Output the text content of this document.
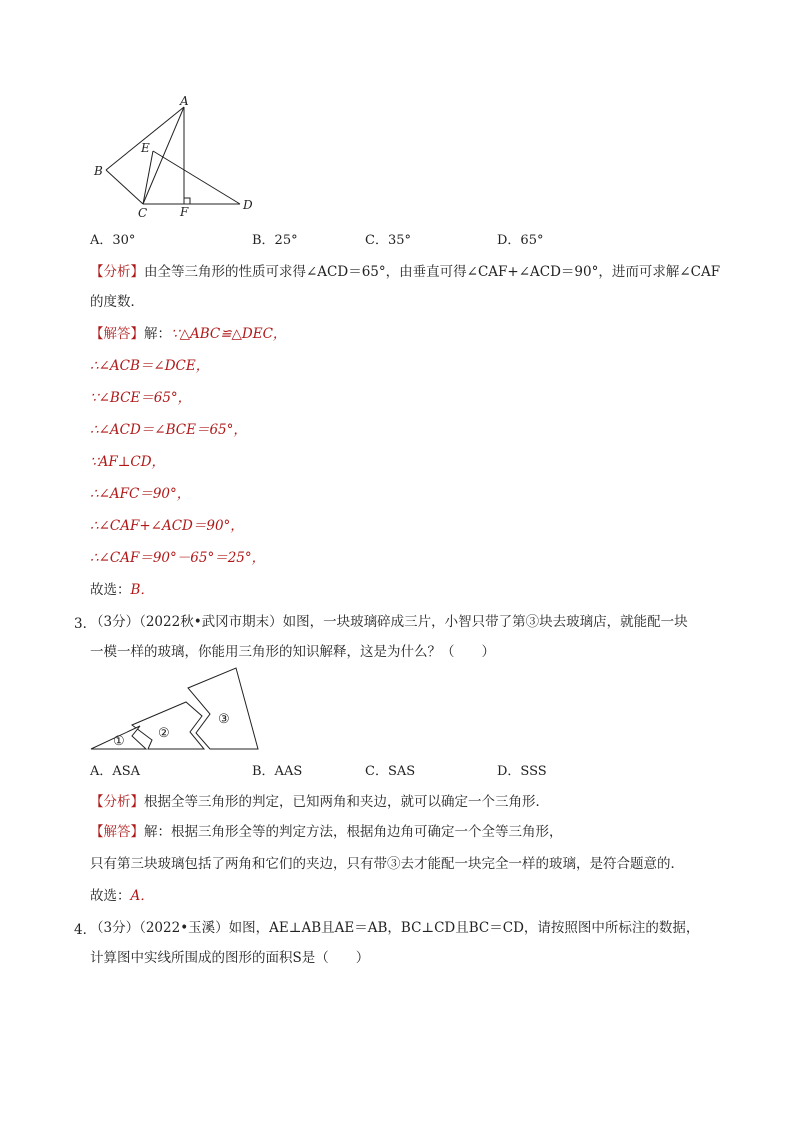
A
B
C
D
E
F
A．30°	B．25°	C．35°	D．65°
【分析】由全等三角形的性质可求得∠ACD＝65°，由垂直可得∠CAF+∠ACD＝90°，进而可求解∠CAF
的度数．
【解答】解：∵△ABC≌△DEC，
∴∠ACB＝∠DCE，
∵∠BCE＝65°，
∴∠ACD＝∠BCE＝65°，
∵AF⊥CD，
∴∠AFC＝90°，
∴∠CAF+∠ACD＝90°，
∴∠CAF＝90°－65°＝25°，
故选：B．
3．
（3分）（2022秋•武冈市期末）如图，一块玻璃碎成三片，小智只带了第③块去玻璃店，就能配一块
一模一样的玻璃，你能用三角形的知识解释，这是为什么？（　　）
①
②
③
A．ASA	B．AAS	C．SAS	D．SSS
【分析】根据全等三角形的判定，已知两角和夹边，就可以确定一个三角形．
【解答】解：根据三角形全等的判定方法，根据角边角可确定一个全等三角形，
只有第三块玻璃包括了两角和它们的夹边，只有带③去才能配一块完全一样的玻璃，是符合题意的．
故选：A．
4．
（3分）（2022•玉溪）如图，AE⊥AB且AE＝AB，BC⊥CD且BC＝CD，请按照图中所标注的数据，
计算图中实线所围成的图形的面积S是（　　）
